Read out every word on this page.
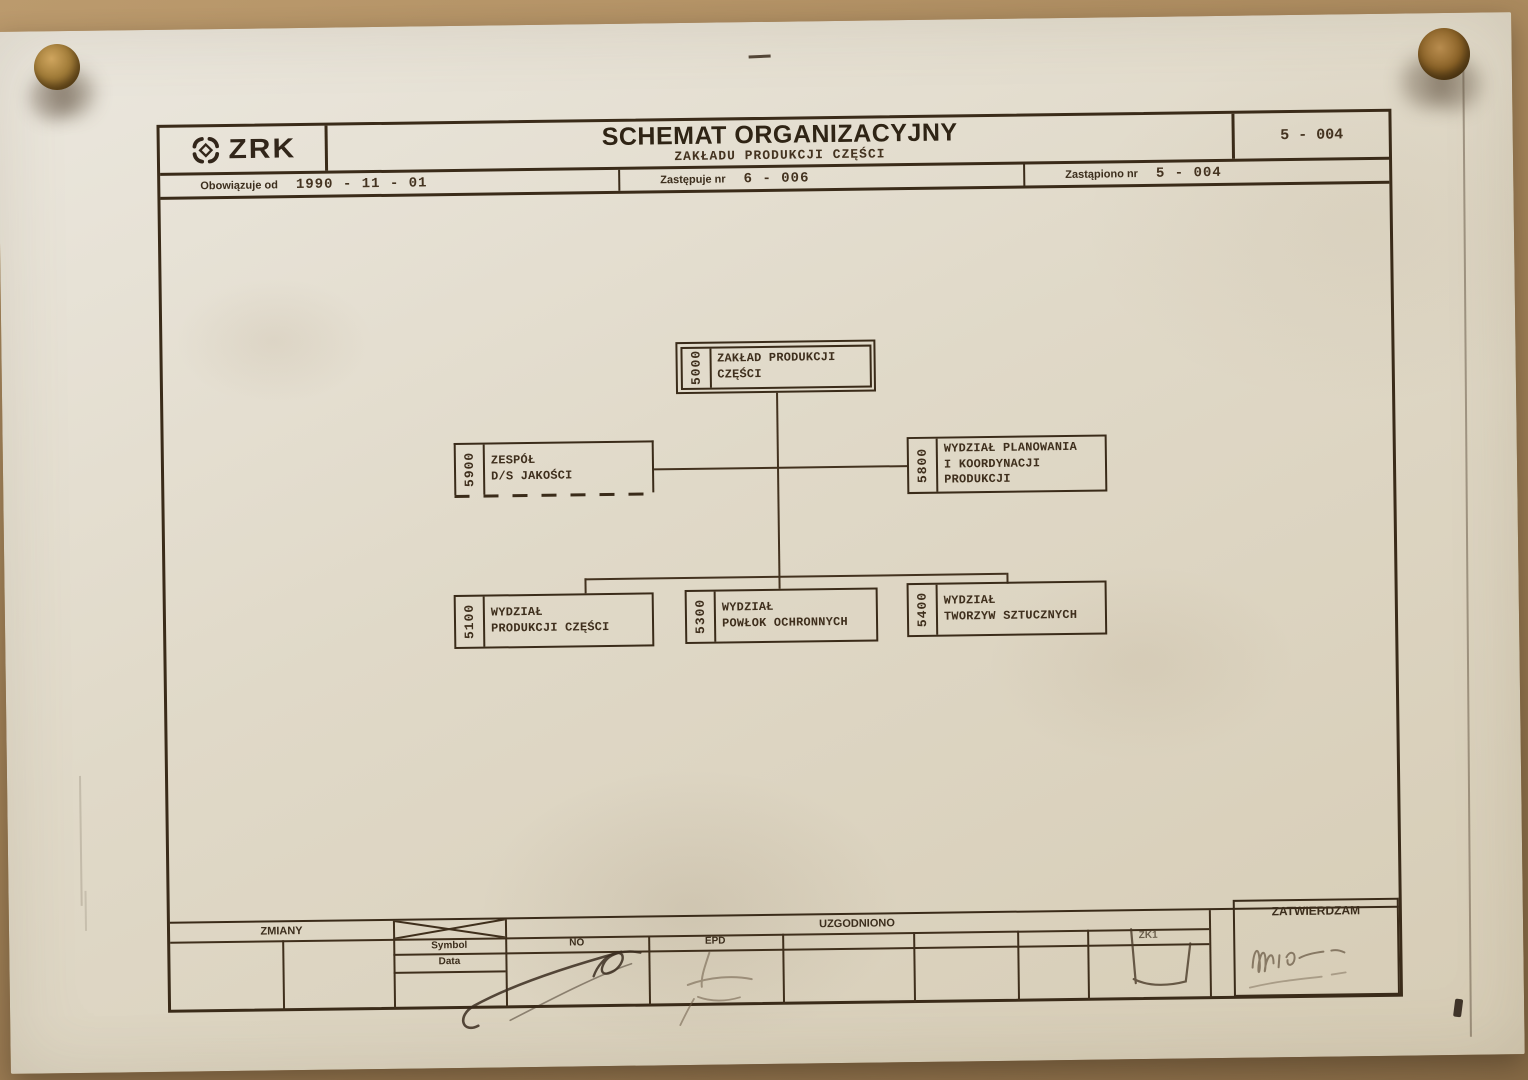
ZRK	SCHEMAT ORGANIZACYJNY
ZAKŁADU PRODUKCJI CZĘŚCI
5 - 004
Obowiązuje od 1990 - 11 - 01	Zastępuje nr 6 - 006	Zastąpiono nr 5 - 004
5000 ZAKŁAD PRODUKCJI
CZĘŚCI
5900 ZESPÓŁ
D/S JAKOŚCI	5800 WYDZIAŁ PLANOWANIA
I KOORDYNACJI
PRODUKCJI
5100 WYDZIAŁ
PRODUKCJI CZĘŚCI	5300 WYDZIAŁ
POWŁOK OCHRONNYCH	5400 WYDZIAŁ
TWORZYW SZTUCZNYCH
ZMIANY
Symbol
Data
NO	EPD
UZGODNIONO
ZK1
ZATWIERDZAM
